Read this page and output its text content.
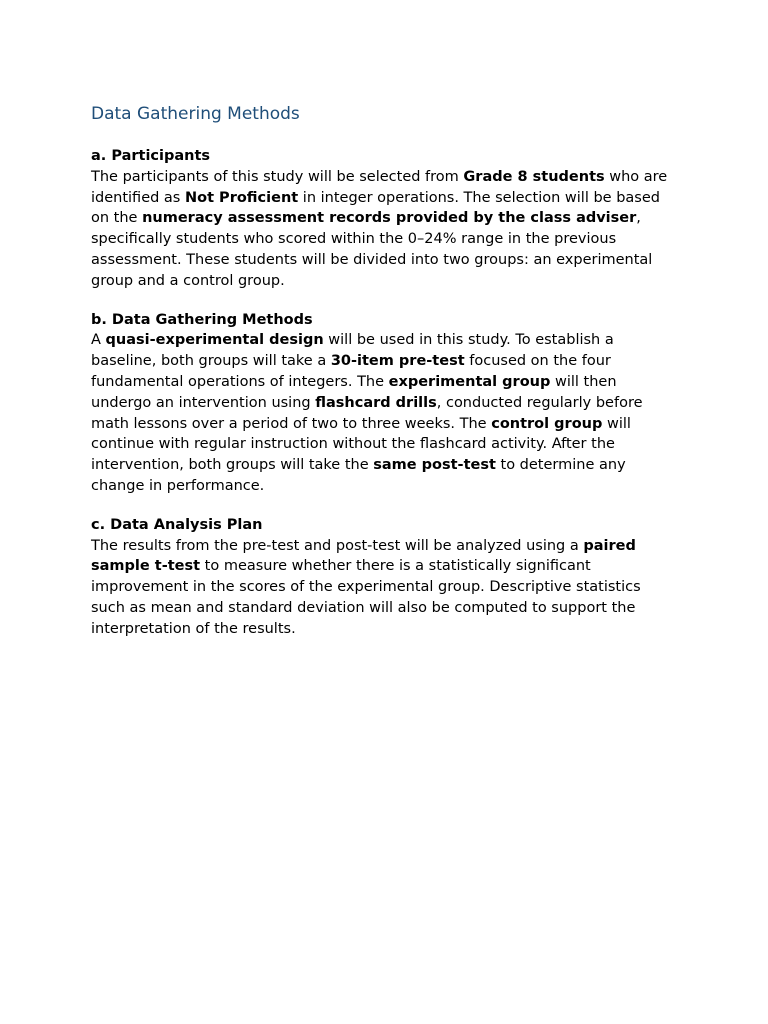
Data Gathering Methods

a. Participants

The participants of this study will be selected from Grade 8 students who are identified as Not Proficient in integer operations. The selection will be based on the numeracy assessment records provided by the class adviser, specifically students who scored within the 0–24% range in the previous assessment. These students will be divided into two groups: an experimental group and a control group.

b. Data Gathering Methods

A quasi-experimental design will be used in this study. To establish a baseline, both groups will take a 30-item pre-test focused on the four fundamental operations of integers. The experimental group will then undergo an intervention using flashcard drills, conducted regularly before math lessons over a period of two to three weeks. The control group will continue with regular instruction without the flashcard activity. After the intervention, both groups will take the same post-test to determine any change in performance.

c. Data Analysis Plan

The results from the pre-test and post-test will be analyzed using a paired sample t-test to measure whether there is a statistically significant improvement in the scores of the experimental group. Descriptive statistics such as mean and standard deviation will also be computed to support the interpretation of the results.
